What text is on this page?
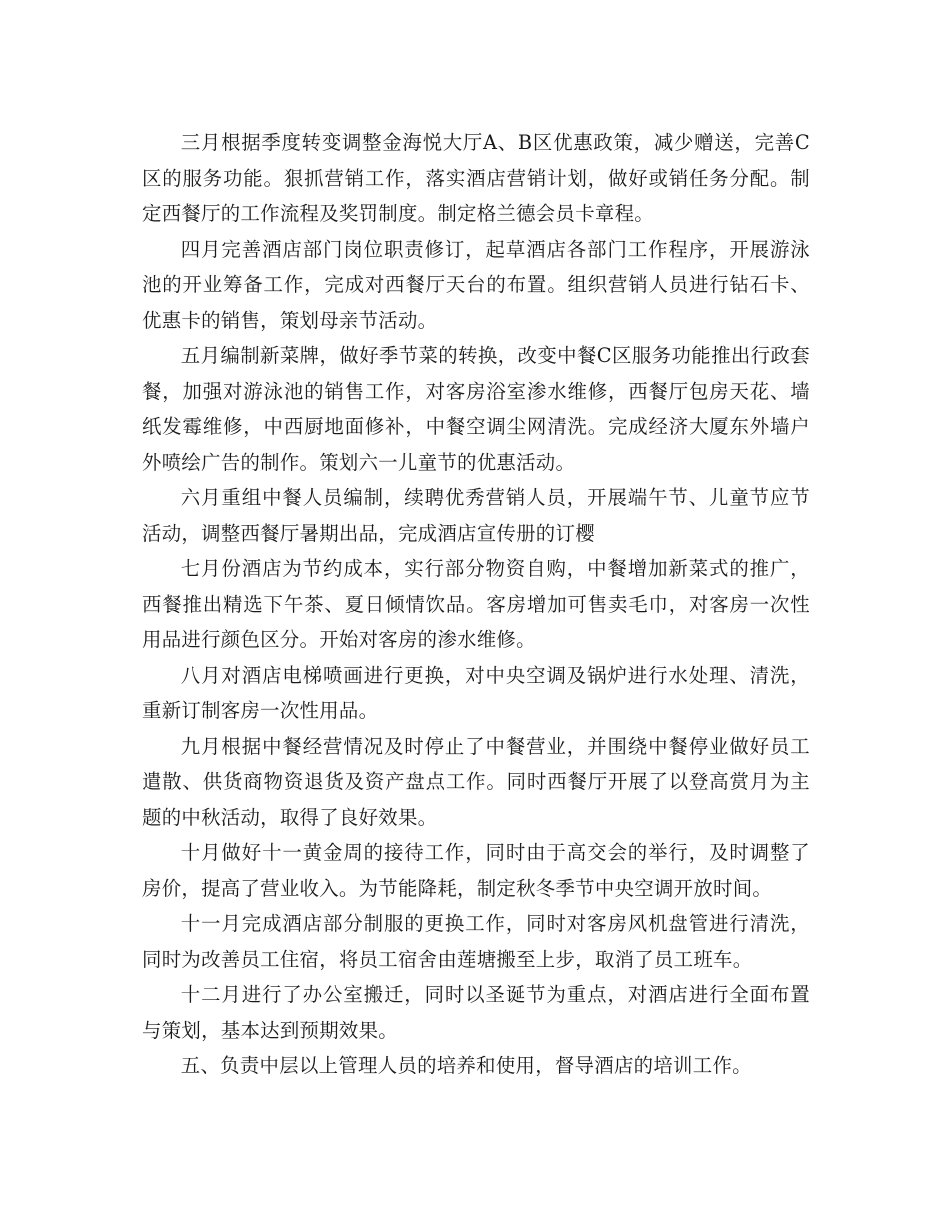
三月根据季度转变调整金海悦大厅A、B区优惠政策，减少赠送，完善C区的服务功能。狠抓营销工作，落实酒店营销计划，做好或销任务分配。制定西餐厅的工作流程及奖罚制度。制定格兰德会员卡章程。

四月完善酒店部门岗位职责修订，起草酒店各部门工作程序，开展游泳池的开业筹备工作，完成对西餐厅天台的布置。组织营销人员进行钻石卡、优惠卡的销售，策划母亲节活动。

五月编制新菜牌，做好季节菜的转换，改变中餐C区服务功能推出行政套餐，加强对游泳池的销售工作，对客房浴室渗水维修，西餐厅包房天花、墙纸发霉维修，中西厨地面修补，中餐空调尘网清洗。完成经济大厦东外墙户外喷绘广告的制作。策划六一儿童节的优惠活动。

六月重组中餐人员编制，续聘优秀营销人员，开展端午节、儿童节应节活动，调整西餐厅暑期出品，完成酒店宣传册的订樱

七月份酒店为节约成本，实行部分物资自购，中餐增加新菜式的推广，西餐推出精选下午茶、夏日倾情饮品。客房增加可售卖毛巾，对客房一次性用品进行颜色区分。开始对客房的渗水维修。

八月对酒店电梯喷画进行更换，对中央空调及锅炉进行水处理、清洗，重新订制客房一次性用品。

九月根据中餐经营情况及时停止了中餐营业，并围绕中餐停业做好员工遣散、供货商物资退货及资产盘点工作。同时西餐厅开展了以登高赏月为主题的中秋活动，取得了良好效果。

十月做好十一黄金周的接待工作，同时由于高交会的举行，及时调整了房价，提高了营业收入。为节能降耗，制定秋冬季节中央空调开放时间。

十一月完成酒店部分制服的更换工作，同时对客房风机盘管进行清洗，同时为改善员工住宿，将员工宿舍由莲塘搬至上步，取消了员工班车。

十二月进行了办公室搬迁，同时以圣诞节为重点，对酒店进行全面布置与策划，基本达到预期效果。

五、负责中层以上管理人员的培养和使用，督导酒店的培训工作。
